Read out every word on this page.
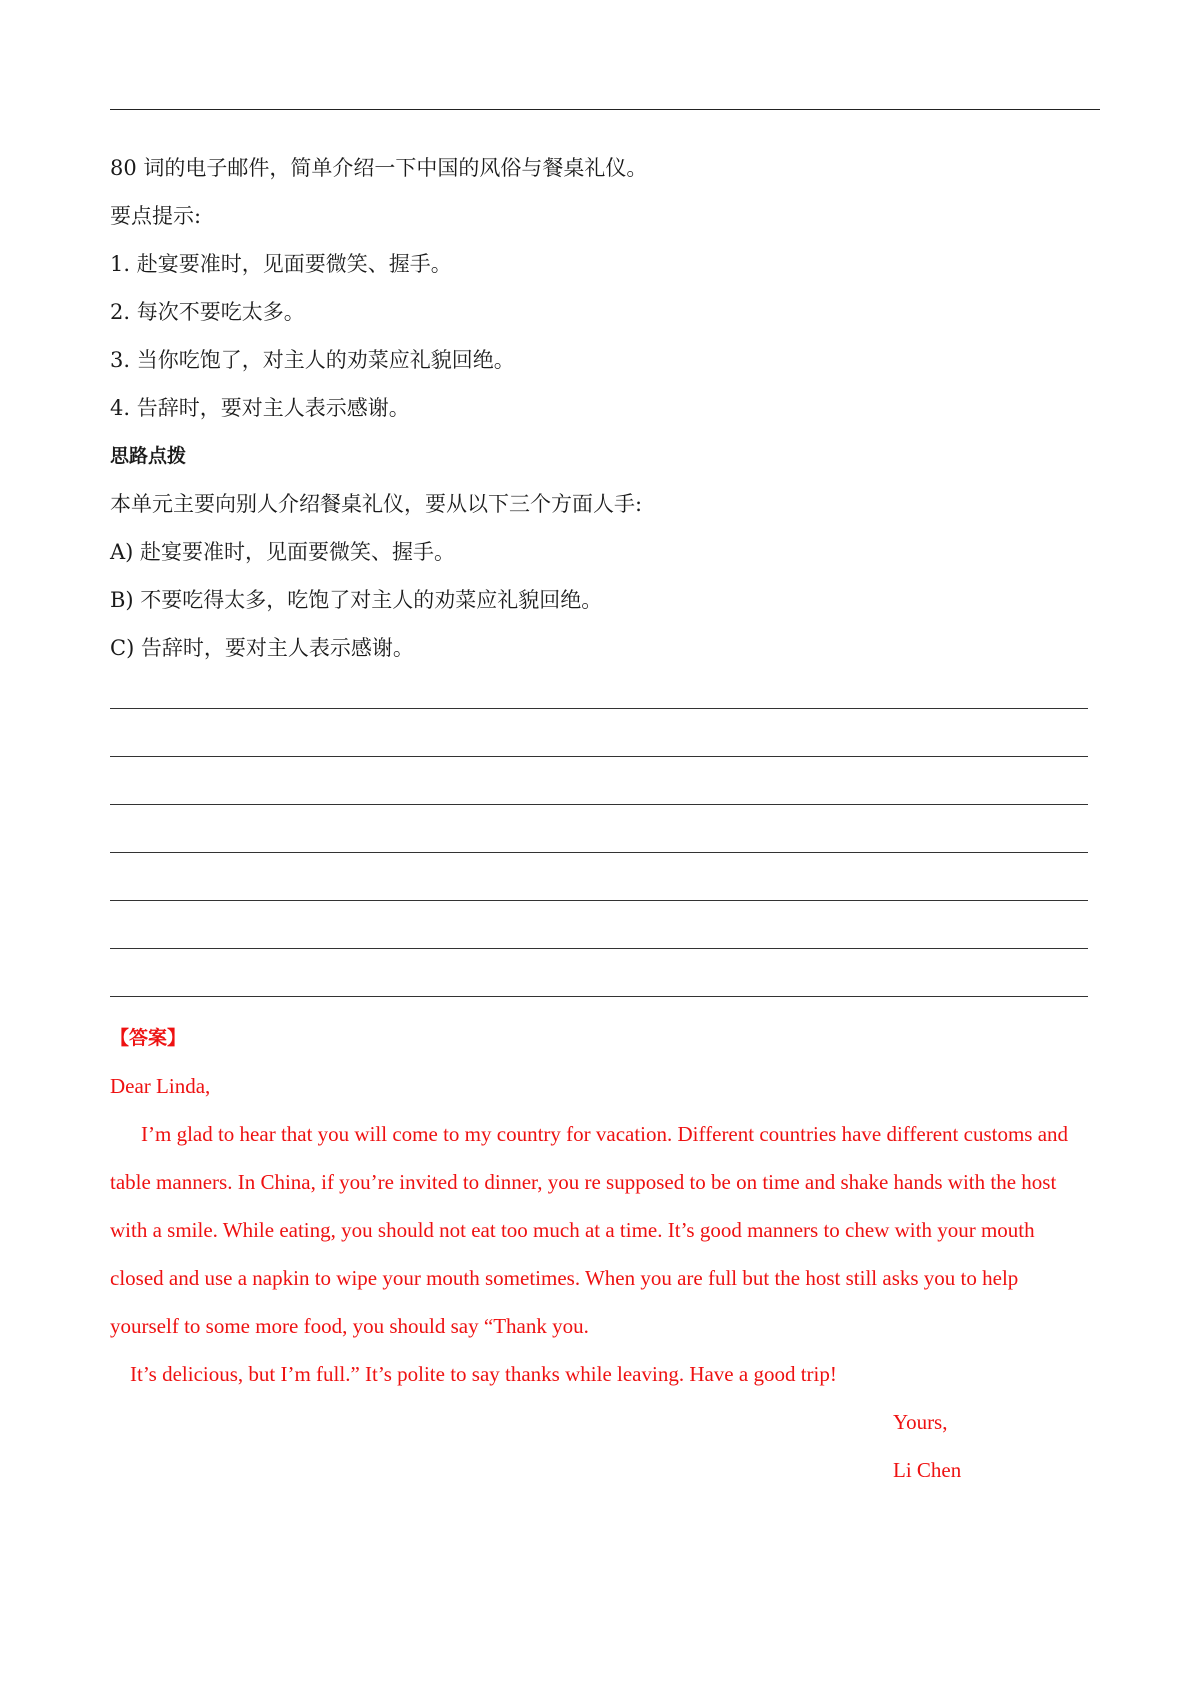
80 词的电子邮件，简单介绍一下中国的风俗与餐桌礼仪。
要点提示:
1. 赴宴要准时，见面要微笑、握手。
2. 每次不要吃太多。
3. 当你吃饱了，对主人的劝菜应礼貌回绝。
4. 告辞时，要对主人表示感谢。
思路点拨
本单元主要向别人介绍餐桌礼仪，要从以下三个方面人手:
A) 赴宴要准时，见面要微笑、握手。
B) 不要吃得太多，吃饱了对主人的劝菜应礼貌回绝。
C) 告辞时，要对主人表示感谢。
【答案】
Dear Linda,
I’m glad to hear that you will come to my country for vacation. Different countries have different customs and
table manners. In China, if you’re invited to dinner, you re supposed to be on time and shake hands with the host
with a smile. While eating, you should not eat too much at a time. It’s good manners to chew with your mouth
closed and use a napkin to wipe your mouth sometimes. When you are full but the host still asks you to help
yourself to some more food, you should say “Thank you.
It’s delicious, but I’m full.” It’s polite to say thanks while leaving. Have a good trip!
Yours,
Li Chen
